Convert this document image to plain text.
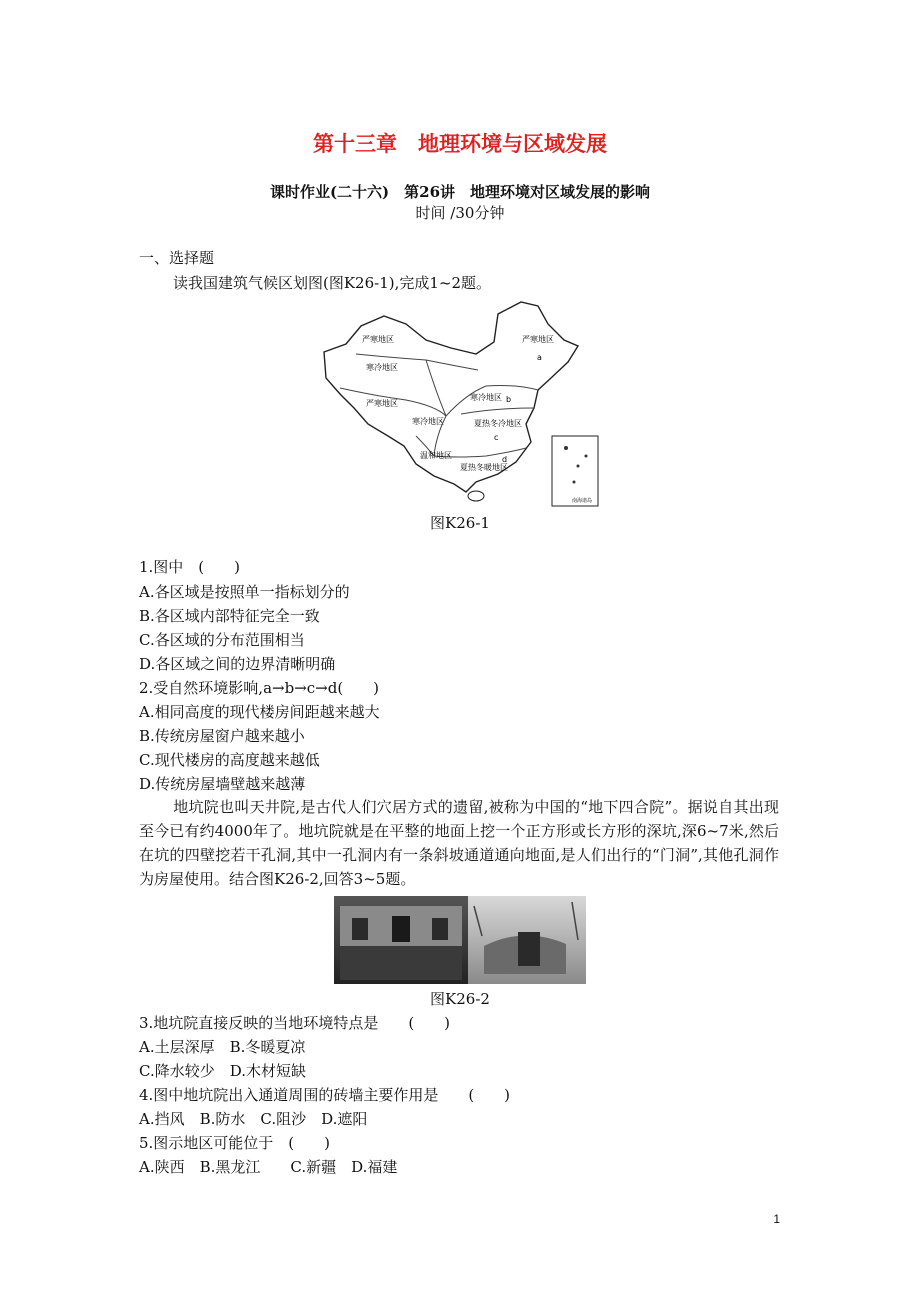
第十三章　地理环境与区域发展
课时作业(二十六)　第26讲　地理环境对区域发展的影响
时间 /30分钟
一、选择题
读我国建筑气候区划图(图K26-1),完成1~2题。
严寒地区
寒冷地区
严寒地区
严寒地区
寒冷地区
寒冷地区	夏热冬冷地区
温和地区
夏热冬暖地区
a
b
c
d
南海诸岛
图K26-1
1.图中　(　　)
A.各区域是按照单一指标划分的
B.各区域内部特征完全一致
C.各区域的分布范围相当
D.各区域之间的边界清晰明确
2.受自然环境影响,a→b→c→d(　　)
A.相同高度的现代楼房间距越来越大
B.传统房屋窗户越来越小
C.现代楼房的高度越来越低
D.传统房屋墙壁越来越薄
地坑院也叫天井院,是古代人们穴居方式的遗留,被称为中国的“地下四合院”。据说自其出现至今已有约4000年了。地坑院就是在平整的地面上挖一个正方形或长方形的深坑,深6~7米,然后在坑的四壁挖若干孔洞,其中一孔洞内有一条斜坡通道通向地面,是人们出行的“门洞”,其他孔洞作为房屋使用。结合图K26-2,回答3~5题。
图K26-2
3.地坑院直接反映的当地环境特点是　　(　　)
A.土层深厚　B.冬暖夏凉
C.降水较少　D.木材短缺
4.图中地坑院出入通道周围的砖墙主要作用是　　(　　)
A.挡风　B.防水　C.阻沙　D.遮阳
5.图示地区可能位于　(　　)
A.陕西　B.黑龙江　　C.新疆　D.福建
1
